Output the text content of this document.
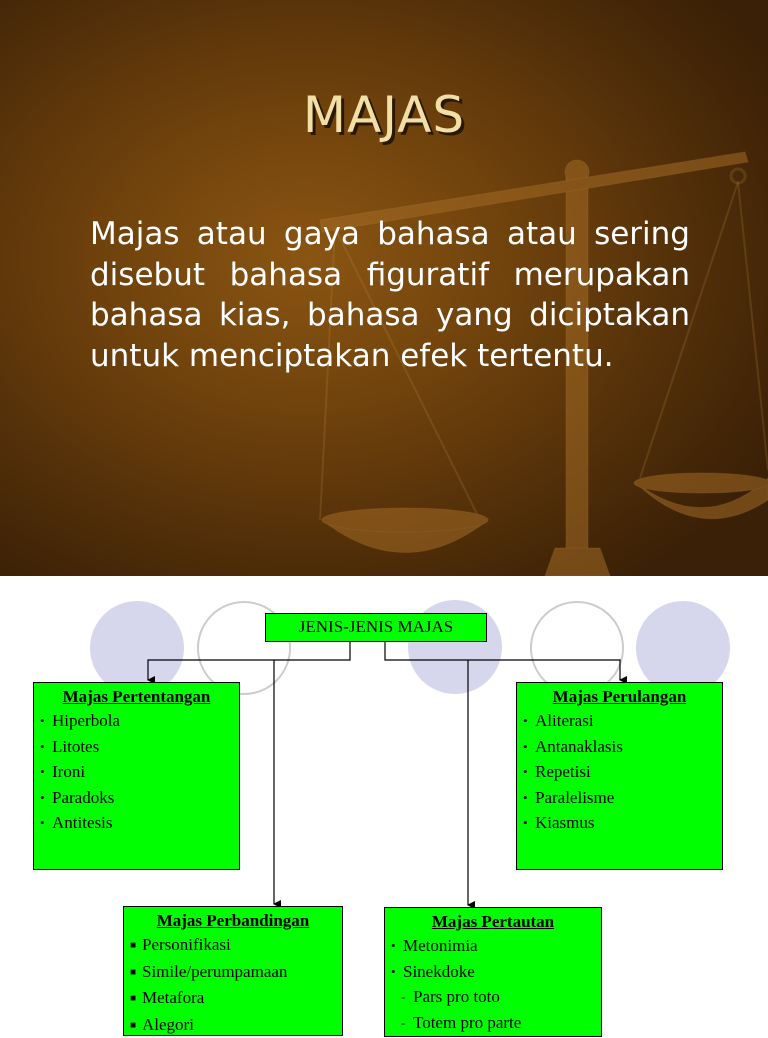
MAJAS
Majas atau gaya bahasa atau sering disebut bahasa figuratif merupakan bahasa kias, bahasa yang diciptakan untuk menciptakan efek tertentu.
JENIS-JENIS MAJAS
Majas Pertentangan
• Hiperbola
• Litotes
• Ironi
• Paradoks
• Antitesis
Majas Perulangan
• Aliterasi
• Antanaklasis
• Repetisi
• Paralelisme
• Kiasmus
Majas Perbandingan
■ Personifikasi
■ Simile/perumpamaan
■ Metafora
■ Alegori
Majas Pertautan
• Metonimia
• Sinekdoke
- Pars pro toto
- Totem pro parte
